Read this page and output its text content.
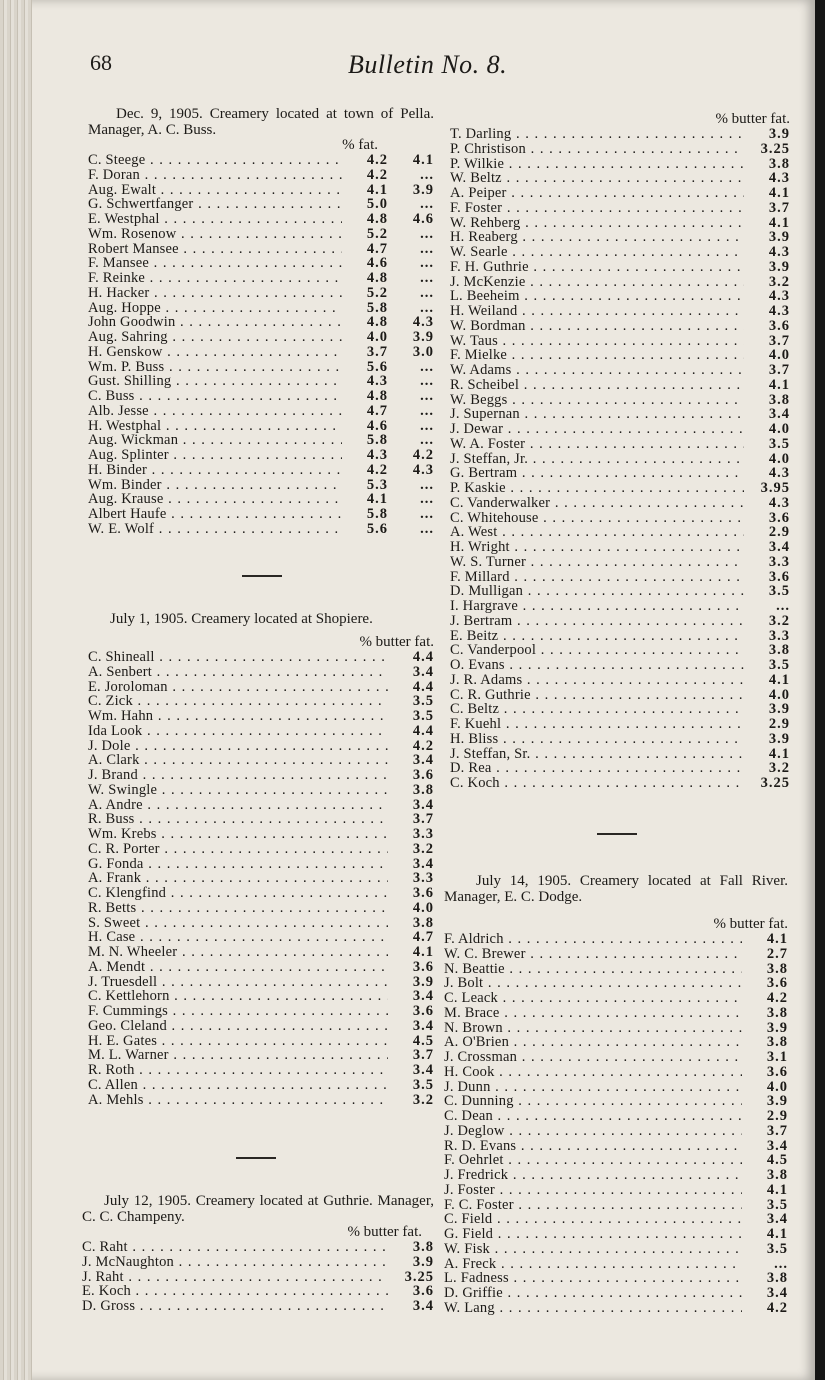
68	Bulletin No. 8.
Dec. 9, 1905. Creamery located at town of Pella. Manager, A. C. Buss.
% fat.
C. Steege . . .	4.2	4.1
F. Doran . . .	4.2	...
Aug. Ewalt . . .	4.1	3.9
G. Schwertfanger . . .	5.0	...
E. Westphal . . .	4.8	4.6
Wm. Rosenow . . .	5.2	...
Robert Mansee . . .	4.7	...
F. Mansee . . .	4.6	...
F. Reinke . . .	4.8	...
H. Hacker . . .	5.2	...
Aug. Hoppe . . .	5.8	...
John Goodwin . . .	4.8	4.3
Aug. Sahring . . .	4.0	3.9
H. Genskow . . .	3.7	3.0
Wm. P. Buss . . .	5.6	...
Gust. Shilling . . .	4.3	...
C. Buss . . .	4.8	...
Alb. Jesse . . .	4.7	...
H. Westphal . . .	4.6	...
Aug. Wickman . . .	5.8	...
Aug. Splinter . . .	4.3	4.2
H. Binder . . .	4.2	4.3
Wm. Binder . . .	5.3	...
Aug. Krause . . .	4.1	...
Albert Haufe . . .	5.8	...
W. E. Wolf . . .	5.6	...
July 1, 1905. Creamery located at Shopiere.
% butter fat.
C. Shineall . . .	4.4
A. Senbert . . .	3.4
E. Joroloman . . .	4.4
C. Zick . . .	3.5
Wm. Hahn . . .	3.5
Ida Look . . .	4.4
J. Dole . . .	4.2
A. Clark . . .	3.4
J. Brand . . .	3.6
W. Swingle . . .	3.8
A. Andre . . .	3.4
R. Buss . . .	3.7
Wm. Krebs . . .	3.3
C. R. Porter . . .	3.2
G. Fonda . . .	3.4
A. Frank . . .	3.3
C. Klengfind . . .	3.6
R. Betts . . .	4.0
S. Sweet . . .	3.8
H. Case . . .	4.7
M. N. Wheeler . . .	4.1
A. Mendt . . .	3.6
J. Truesdell . . .	3.9
C. Kettlehorn . . .	3.4
F. Cummings . . .	3.6
Geo. Cleland . . .	3.4
H. E. Gates . . .	4.5
M. L. Warner . . .	3.7
R. Roth . . .	3.4
C. Allen . . .	3.5
A. Mehls . . .	3.2
July 12, 1905. Creamery located at Guthrie. Manager, C. C. Champeny.
% butter fat.
C. Raht . . .	3.8
J. McNaughton . . .	3.9
J. Raht . . .	3.25
E. Koch . . .	3.6
D. Gross . . .	3.4
% butter fat.
T. Darling . . .	3.9
P. Christison . . .	3.25
P. Wilkie . . .	3.8
W. Beltz . . .	4.3
A. Peiper . . .	4.1
F. Foster . . .	3.7
W. Rehberg . . .	4.1
H. Reaberg . . .	3.9
W. Searle . . .	4.3
F. H. Guthrie . . .	3.9
J. McKenzie . . .	3.2
L. Beeheim . . .	4.3
H. Weiland . . .	4.3
W. Bordman . . .	3.6
W. Taus . . .	3.7
F. Mielke . . .	4.0
W. Adams . . .	3.7
R. Scheibel . . .	4.1
W. Beggs . . .	3.8
J. Supernan . . .	3.4
J. Dewar . . .	4.0
W. A. Foster . . .	3.5
J. Steffan, Jr. . . .	4.0
G. Bertram . . .	4.3
P. Kaskie . . .	3.95
C. Vanderwalker . . .	4.3
C. Whitehouse . . .	3.6
A. West . . .	2.9
H. Wright . . .	3.4
W. S. Turner . . .	3.3
F. Millard . . .	3.6
D. Mulligan . . .	3.5
I. Hargrave . . .	...
J. Bertram . . .	3.2
E. Beitz . . .	3.3
C. Vanderpool . . .	3.8
O. Evans . . .	3.5
J. R. Adams . . .	4.1
C. R. Guthrie . . .	4.0
C. Beltz . . .	3.9
F. Kuehl . . .	2.9
H. Bliss . . .	3.9
J. Steffan, Sr. . . .	4.1
D. Rea . . .	3.2
C. Koch . . .	3.25
July 14, 1905. Creamery located at Fall River. Manager, E. C. Dodge.
% butter fat.
F. Aldrich . . .	4.1
W. C. Brewer . . .	2.7
N. Beattie . . .	3.8
J. Bolt . . .	3.6
C. Leack . . .	4.2
M. Brace . . .	3.8
N. Brown . . .	3.9
A. O'Brien . . .	3.8
J. Crossman . . .	3.1
H. Cook . . .	3.6
J. Dunn . . .	4.0
C. Dunning . . .	3.9
C. Dean . . .	2.9
J. Deglow . . .	3.7
R. D. Evans . . .	3.4
F. Oehrlet . . .	4.5
J. Fredrick . . .	3.8
J. Foster . . .	4.1
F. C. Foster . . .	3.5
C. Field . . .	3.4
G. Field . . .	4.1
W. Fisk . . .	3.5
A. Freck . . .	...
L. Fadness . . .	3.8
D. Griffie . . .	3.4
W. Lang . . .	4.2
